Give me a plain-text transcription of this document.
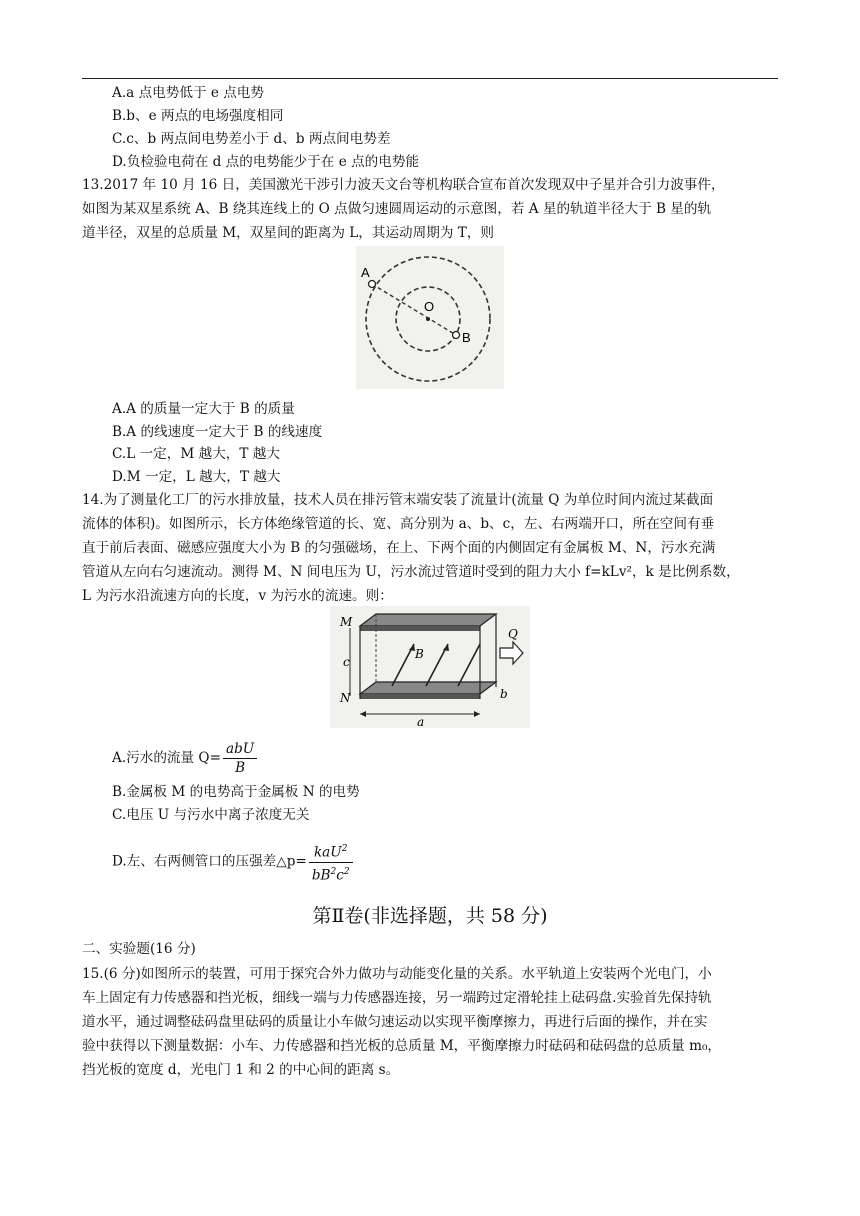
A.a 点电势低于 e 点电势
B.b、e 两点的电场强度相同
C.c、b 两点间电势差小于 d、b 两点间电势差
D.负检验电荷在 d 点的电势能少于在 e 点的电势能
13.2017 年 10 月 16 日，美国激光干涉引力波天文台等机构联合宣布首次发现双中子星并合引力波事件，
如图为某双星系统 A、B 绕其连线上的 O 点做匀速圆周运动的示意图，若 A 星的轨道半径大于 B 星的轨
道半径，双星的总质量 M，双星间的距离为 L，其运动周期为 T，则
A
O
B
A.A 的质量一定大于 B 的质量
B.A 的线速度一定大于 B 的线速度
C.L 一定，M 越大，T 越大
D.M 一定，L 越大，T 越大
14.为了测量化工厂的污水排放量，技术人员在排污管末端安装了流量计(流量 Q 为单位时间内流过某截面
流体的体积)。如图所示，长方体绝缘管道的长、宽、高分别为 a、b、c，左、右两端开口，所在空间有垂
直于前后表面、磁感应强度大小为 B 的匀强磁场，在上、下两个面的内侧固定有金属板 M、N，污水充满
管道从左向右匀速流动。测得 M、N 间电压为 U，污水流过管道时受到的阻力大小 f=kLv²，k 是比例系数，
L 为污水沿流速方向的长度，v 为污水的流速。则：
M
N
B
Q
a
b
c
A.污水的流量 $Q= \frac{\text{abU}}{B}$
B.金属板 M 的电势高于金属板 N 的电势
C.电压 U 与污水中离子浓度无关
D.左、右两侧管口的压强差△p= $\frac{kaU^2}{bB^2c^2}$
第Ⅱ卷(非选择题，共 58 分)
二、实验题(16 分)
15.(6 分)如图所示的装置，可用于探究合外力做功与动能变化量的关系。水平轨道上安装两个光电门，小
车上固定有力传感器和挡光板，细线一端与力传感器连接，另一端跨过定滑轮挂上砝码盘.实验首先保持轨
道水平，通过调整砝码盘里砝码的质量让小车做匀速运动以实现平衡摩擦力，再进行后面的操作，并在实
验中获得以下测量数据：小车、力传感器和挡光板的总质量 M，平衡摩擦力时砝码和砝码盘的总质量 m₀，
挡光板的宽度 d，光电门 1 和 2 的中心间的距离 s。
